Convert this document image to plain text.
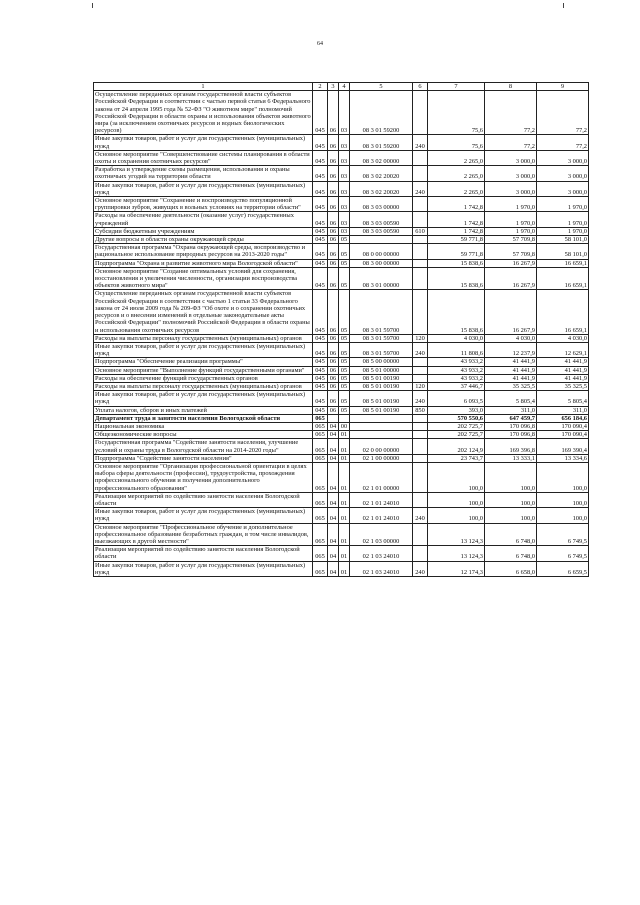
64
1	2	3	4	5	6	7	8	9
Осуществление переданных органам государственной власти субъектов Российской Федерации в соответствии с частью первой статьи 6 Федерального закона от 24 апреля 1995 года № 52-ФЗ "О животном мире" полномочий Российской Федерации в области охраны и использования объектов животного мира (за исключением охотничьих ресурсов и водных биологических ресурсов)	045	06	03	08 3 01 59200		75,6	77,2	77,2
Иные закупки товаров, работ и услуг для государственных (муниципальных) нужд	045	06	03	08 3 01 59200	240	75,6	77,2	77,2
Основное мероприятие "Совершенствование системы планирования в области охоты и сохранения охотничьих ресурсов"	045	06	03	08 3 02 00000		2 265,0	3 000,0	3 000,0
Разработка и утверждение схемы размещения, использования и охраны охотничьих угодий на территории области	045	06	03	08 3 02 20020		2 265,0	3 000,0	3 000,0
Иные закупки товаров, работ и услуг для государственных (муниципальных) нужд	045	06	03	08 3 02 20020	240	2 265,0	3 000,0	3 000,0
Основное мероприятие "Сохранение и воспроизводство популяционной группировки зубров, живущих в вольных условиях на территории области"	045	06	03	08 3 03 00000		1 742,8	1 970,0	1 970,0
Расходы на обеспечение деятельности (оказание услуг) государственных учреждений	045	06	03	08 3 03 00590		1 742,8	1 970,0	1 970,0
Субсидии бюджетным учреждениям	045	06	03	08 3 03 00590	610	1 742,8	1 970,0	1 970,0
Другие вопросы в области охраны окружающей среды	045	06	05			59 771,8	57 709,8	58 101,0
Государственная программа "Охрана окружающей среды, воспроизводство и рациональное использование природных ресурсов на 2013-2020 годы"	045	06	05	08 0 00 00000		59 771,8	57 709,8	58 101,0
Подпрограмма "Охрана и развитие животного мира Вологодской области"	045	06	05	08 3 00 00000		15 838,6	16 267,9	16 659,1
Основное мероприятие "Создание оптимальных условий для сохранения, восстановления и увеличения численности, организации воспроизводства объектов животного мира"	045	06	05	08 3 01 00000		15 838,6	16 267,9	16 659,1
Осуществление переданных органам государственной власти субъектов Российской Федерации в соответствии с частью 1 статьи 33 Федерального закона от 24 июля 2009 года № 209-ФЗ "Об охоте и о сохранении охотничьих ресурсов и о внесении изменений в отдельные законодательные акты Российской Федерации" полномочий Российской Федерации в области охраны и использования охотничьих ресурсов	045	06	05	08 3 01 59700		15 838,6	16 267,9	16 659,1
Расходы на выплаты персоналу государственных (муниципальных) органов	045	06	05	08 3 01 59700	120	4 030,0	4 030,0	4 030,0
Иные закупки товаров, работ и услуг для государственных (муниципальных) нужд	045	06	05	08 3 01 59700	240	11 808,6	12 237,9	12 629,1
Подпрограмма "Обеспечение реализации программы"	045	06	05	08 5 00 00000		43 933,2	41 441,9	41 441,9
Основное мероприятие "Выполнение функций государственными органами"	045	06	05	08 5 01 00000		43 933,2	41 441,9	41 441,9
Расходы на обеспечение функций государственных органов	045	06	05	08 5 01 00190		43 933,2	41 441,9	41 441,9
Расходы на выплаты персоналу государственных (муниципальных) органов	045	06	05	08 5 01 00190	120	37 446,7	35 325,5	35 325,5
Иные закупки товаров, работ и услуг для государственных (муниципальных) нужд	045	06	05	08 5 01 00190	240	6 093,5	5 805,4	5 805,4
Уплата налогов, сборов и иных платежей	045	06	05	08 5 01 00190	850	393,0	311,0	311,0
Департамент труда и занятости населения Вологодской области	065					570 550,6	647 459,7	656 184,6
Национальная экономика	065	04	00			202 725,7	170 096,8	170 090,4
Общеэкономические вопросы	065	04	01			202 725,7	170 096,8	170 090,4
Государственная программа "Содействие занятости населения, улучшение условий и охраны труда в Вологодской области на 2014-2020 годы"	065	04	01	02 0 00 00000		202 124,9	169 396,8	169 390,4
Подпрограмма "Содействие занятости населения"	065	04	01	02 1 00 00000		23 743,7	13 333,1	13 334,6
Основное мероприятие "Организация профессиональной ориентации в целях выбора сферы деятельности (профессии), трудоустройства, прохождения профессионального обучения и получения дополнительного профессионального образования"	065	04	01	02 1 01 00000		100,0	100,0	100,0
Реализация мероприятий по содействию занятости населения Вологодской области	065	04	01	02 1 01 24010		100,0	100,0	100,0
Иные закупки товаров, работ и услуг для государственных (муниципальных) нужд	065	04	01	02 1 01 24010	240	100,0	100,0	100,0
Основное мероприятие "Профессиональное обучение и дополнительное профессиональное образование безработных граждан, в том числе инвалидов, выезжающих в другой местности"	065	04	01	02 1 03 00000		13 124,3	6 748,0	6 749,5
Реализация мероприятий по содействию занятости населения Вологодской области	065	04	01	02 1 03 24010		13 124,3	6 748,0	6 749,5
Иные закупки товаров, работ и услуг для государственных (муниципальных) нужд	065	04	01	02 1 03 24010	240	12 174,3	6 658,0	6 659,5
